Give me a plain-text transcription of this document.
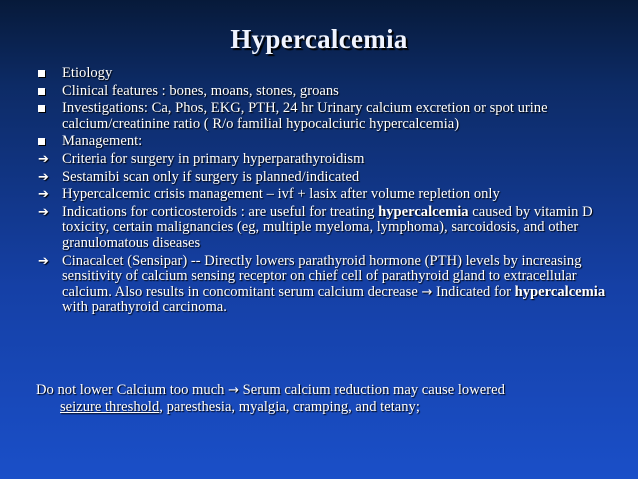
Hypercalcemia
Etiology
Clinical features : bones, moans, stones, groans
Investigations: Ca, Phos, EKG, PTH, 24 hr Urinary calcium excretion or spot urine calcium/creatinine ratio ( R/o familial hypocalciuric hypercalcemia)
Management:
➔ Criteria for surgery in primary hyperparathyroidism
➔ Sestamibi scan only if surgery is planned/indicated
➔ Hypercalcemic crisis management – ivf + lasix after volume repletion only
➔ Indications for corticosteroids : are useful for treating hypercalcemia caused by vitamin D toxicity, certain malignancies (eg, multiple myeloma, lymphoma), sarcoidosis, and other granulomatous diseases
➔ Cinacalcet (Sensipar) -- Directly lowers parathyroid hormone (PTH) levels by increasing sensitivity of calcium sensing receptor on chief cell of parathyroid gland to extracellular calcium. Also results in concomitant serum calcium decrease → Indicated for hypercalcemia with parathyroid carcinoma.
Do not lower Calcium too much → Serum calcium reduction may cause lowered
seizure threshold, paresthesia, myalgia, cramping, and tetany;
